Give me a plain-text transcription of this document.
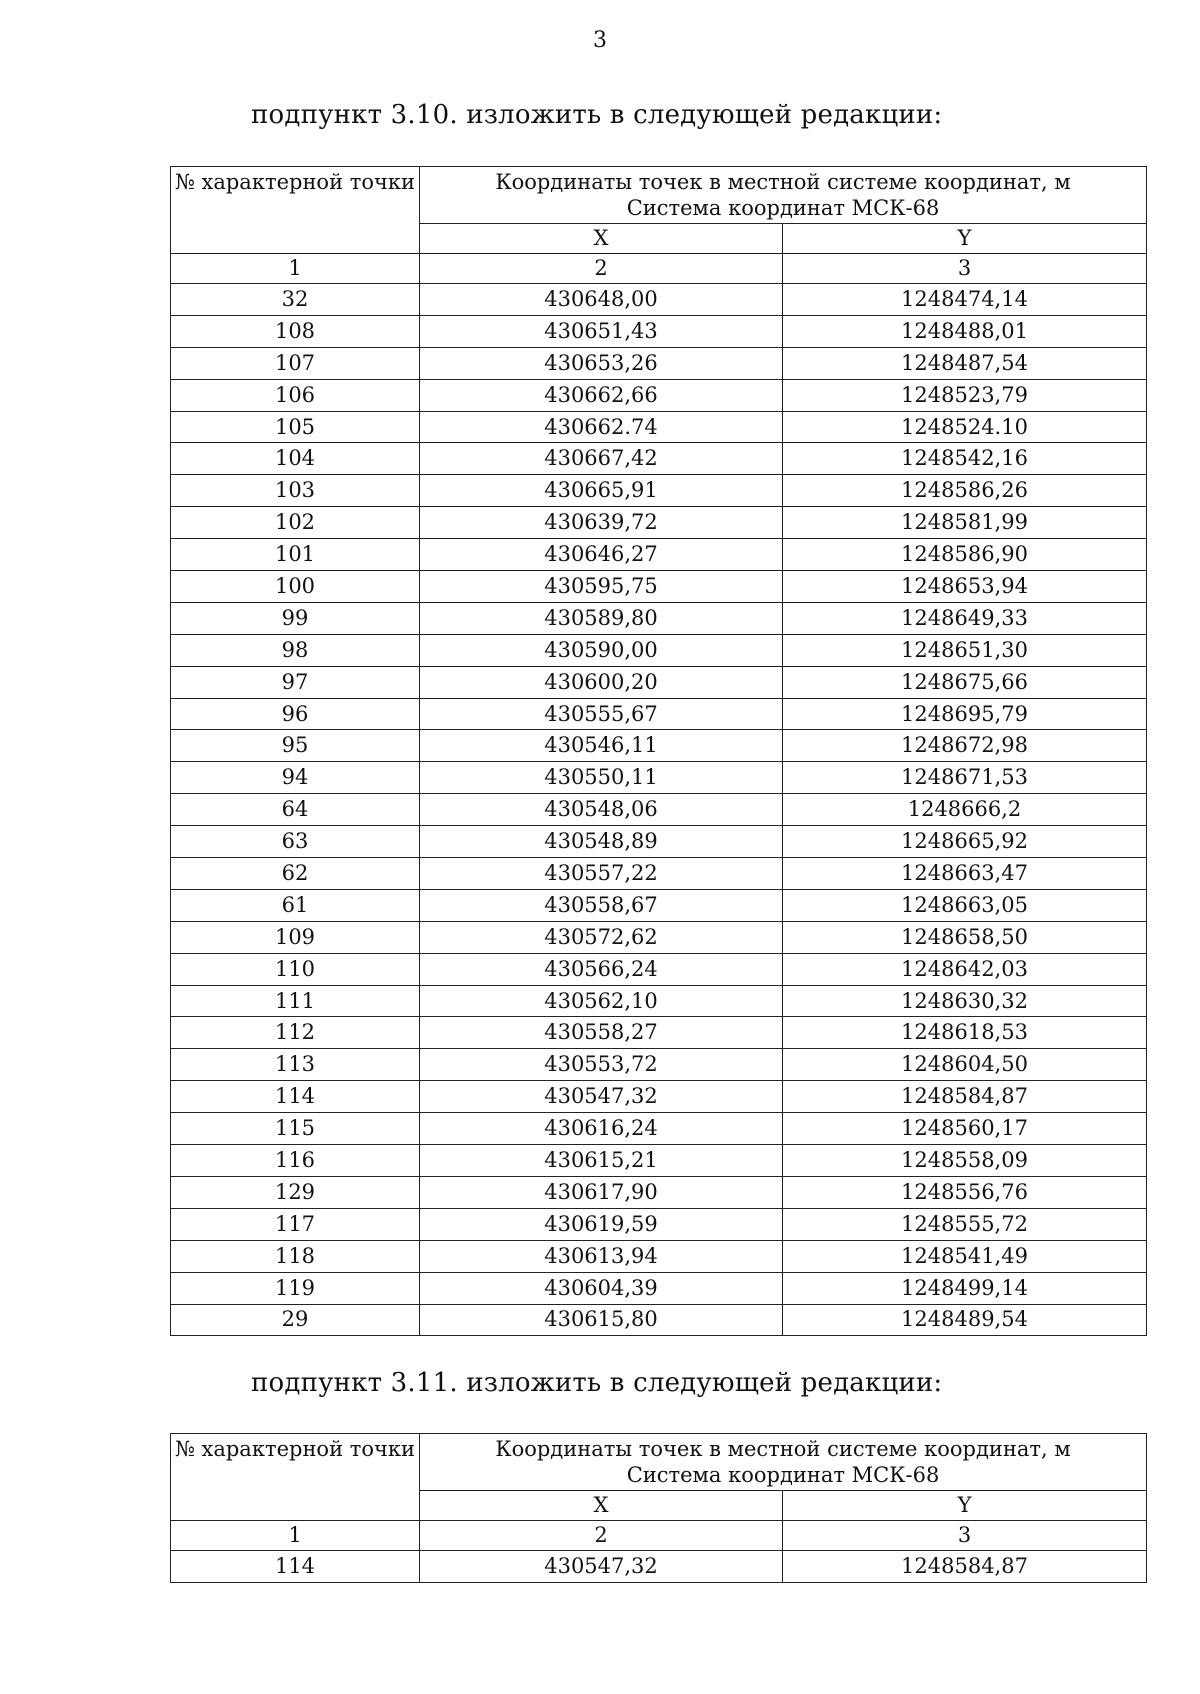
3
подпункт 3.10. изложить в следующей редакции:
№ характерной точки	Координаты точек в местной системе координат, м
Система координат МСК-68	
	X	Y
1	2	3
32	430648,00	1248474,14
108	430651,43	1248488,01
107	430653,26	1248487,54
106	430662,66	1248523,79
105	430662.74	1248524.10
104	430667,42	1248542,16
103	430665,91	1248586,26
102	430639,72	1248581,99
101	430646,27	1248586,90
100	430595,75	1248653,94
99	430589,80	1248649,33
98	430590,00	1248651,30
97	430600,20	1248675,66
96	430555,67	1248695,79
95	430546,11	1248672,98
94	430550,11	1248671,53
64	430548,06	1248666,2
63	430548,89	1248665,92
62	430557,22	1248663,47
61	430558,67	1248663,05
109	430572,62	1248658,50
110	430566,24	1248642,03
111	430562,10	1248630,32
112	430558,27	1248618,53
113	430553,72	1248604,50
114	430547,32	1248584,87
115	430616,24	1248560,17
116	430615,21	1248558,09
129	430617,90	1248556,76
117	430619,59	1248555,72
118	430613,94	1248541,49
119	430604,39	1248499,14
29	430615,80	1248489,54
подпункт 3.11. изложить в следующей редакции:
№ характерной точки	Координаты точек в местной системе координат, м
Система координат МСК-68	
	X	Y
1	2	3
114	430547,32	1248584,87
